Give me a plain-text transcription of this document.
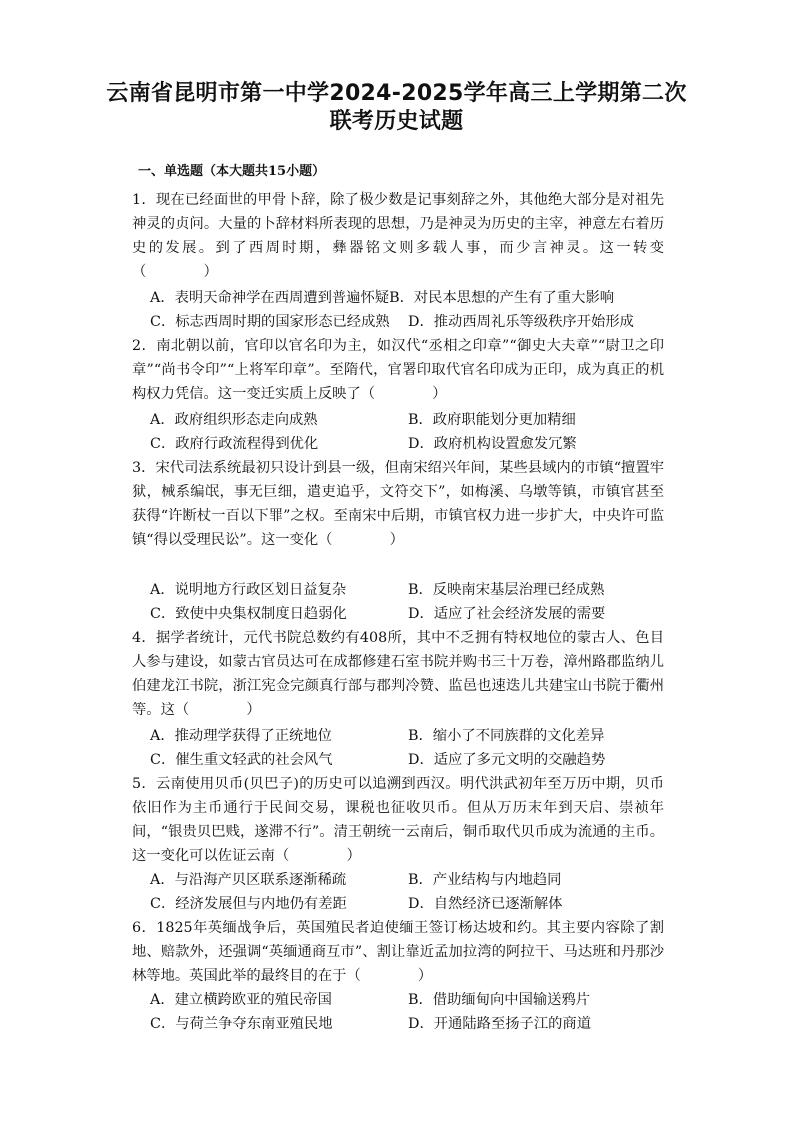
云南省昆明市第一中学2024-2025学年高三上学期第二次
联考历史试题

一、单选题（本大题共15小题）

1．现在已经面世的甲骨卜辞，除了极少数是记事刻辞之外，其他绝大部分是对祖先神灵的贞问。大量的卜辞材料所表现的思想，乃是神灵为历史的主宰，神意左右着历史的发展。到了西周时期，彝器铭文则多载人事，而少言神灵。这一转变（　　　　）
A．表明天命神学在西周遭到普遍怀疑 B．对民本思想的产生有了重大影响
C．标志西周时期的国家形态已经成熟	D．推动西周礼乐等级秩序开始形成
2．南北朝以前，官印以官名印为主，如汉代“丞相之印章”“御史大夫章”“尉卫之印章”“尚书令印”“上将军印章”。至隋代，官署印取代官名印成为正印，成为真正的机构权力凭信。这一变迁实质上反映了（　　　　）
A．政府组织形态走向成熟	B．政府职能划分更加精细
C．政府行政流程得到优化	D．政府机构设置愈发冗繁
3．宋代司法系统最初只设计到县一级，但南宋绍兴年间，某些县域内的市镇“擅置牢狱，械系编氓，事无巨细，遣吏追乎，文符交下”，如梅溪、乌墩等镇，市镇官甚至获得“许断杖一百以下罪”之权。至南宋中后期，市镇官权力进一步扩大，中央许可监镇“得以受理民讼”。这一变化（　　　　）
A．说明地方行政区划日益复杂	B．反映南宋基层治理已经成熟
C．致使中央集权制度日趋弱化	D．适应了社会经济发展的需要
4．据学者统计，元代书院总数约有408所，其中不乏拥有特权地位的蒙古人、色目人参与建设，如蒙古官员达可在成都修建石室书院并购书三十万卷，漳州路郡监纳儿伯建龙江书院，浙江宪佥完颜真行部与郡判冷赞、监邑也速迭儿共建宝山书院于衢州等。这（　　　　）
A．推动理学获得了正统地位	B．缩小了不同族群的文化差异
C．催生重文轻武的社会风气	D．适应了多元文明的交融趋势
5．云南使用贝币(贝巴子)的历史可以追溯到西汉。明代洪武初年至万历中期，贝币依旧作为主币通行于民间交易，课税也征收贝币。但从万历末年到天启、崇祯年间，“银贵贝巴贱，遂滞不行”。清王朝统一云南后，铜币取代贝币成为流通的主币。这一变化可以佐证云南（　　　　）
A．与沿海产贝区联系逐渐稀疏	B．产业结构与内地趋同
C．经济发展但与内地仍有差距	D．自然经济已逐渐解体
6．1825年英缅战争后，英国殖民者迫使缅王签订杨达坡和约。其主要内容除了割地、赔款外，还强调“英缅通商互市”、割让靠近孟加拉湾的阿拉干、马达班和丹那沙林等地。英国此举的最终目的在于（　　　　）
A．建立横跨欧亚的殖民帝国	B．借助缅甸向中国输送鸦片
C．与荷兰争夺东南亚殖民地	D．开通陆路至扬子江的商道
